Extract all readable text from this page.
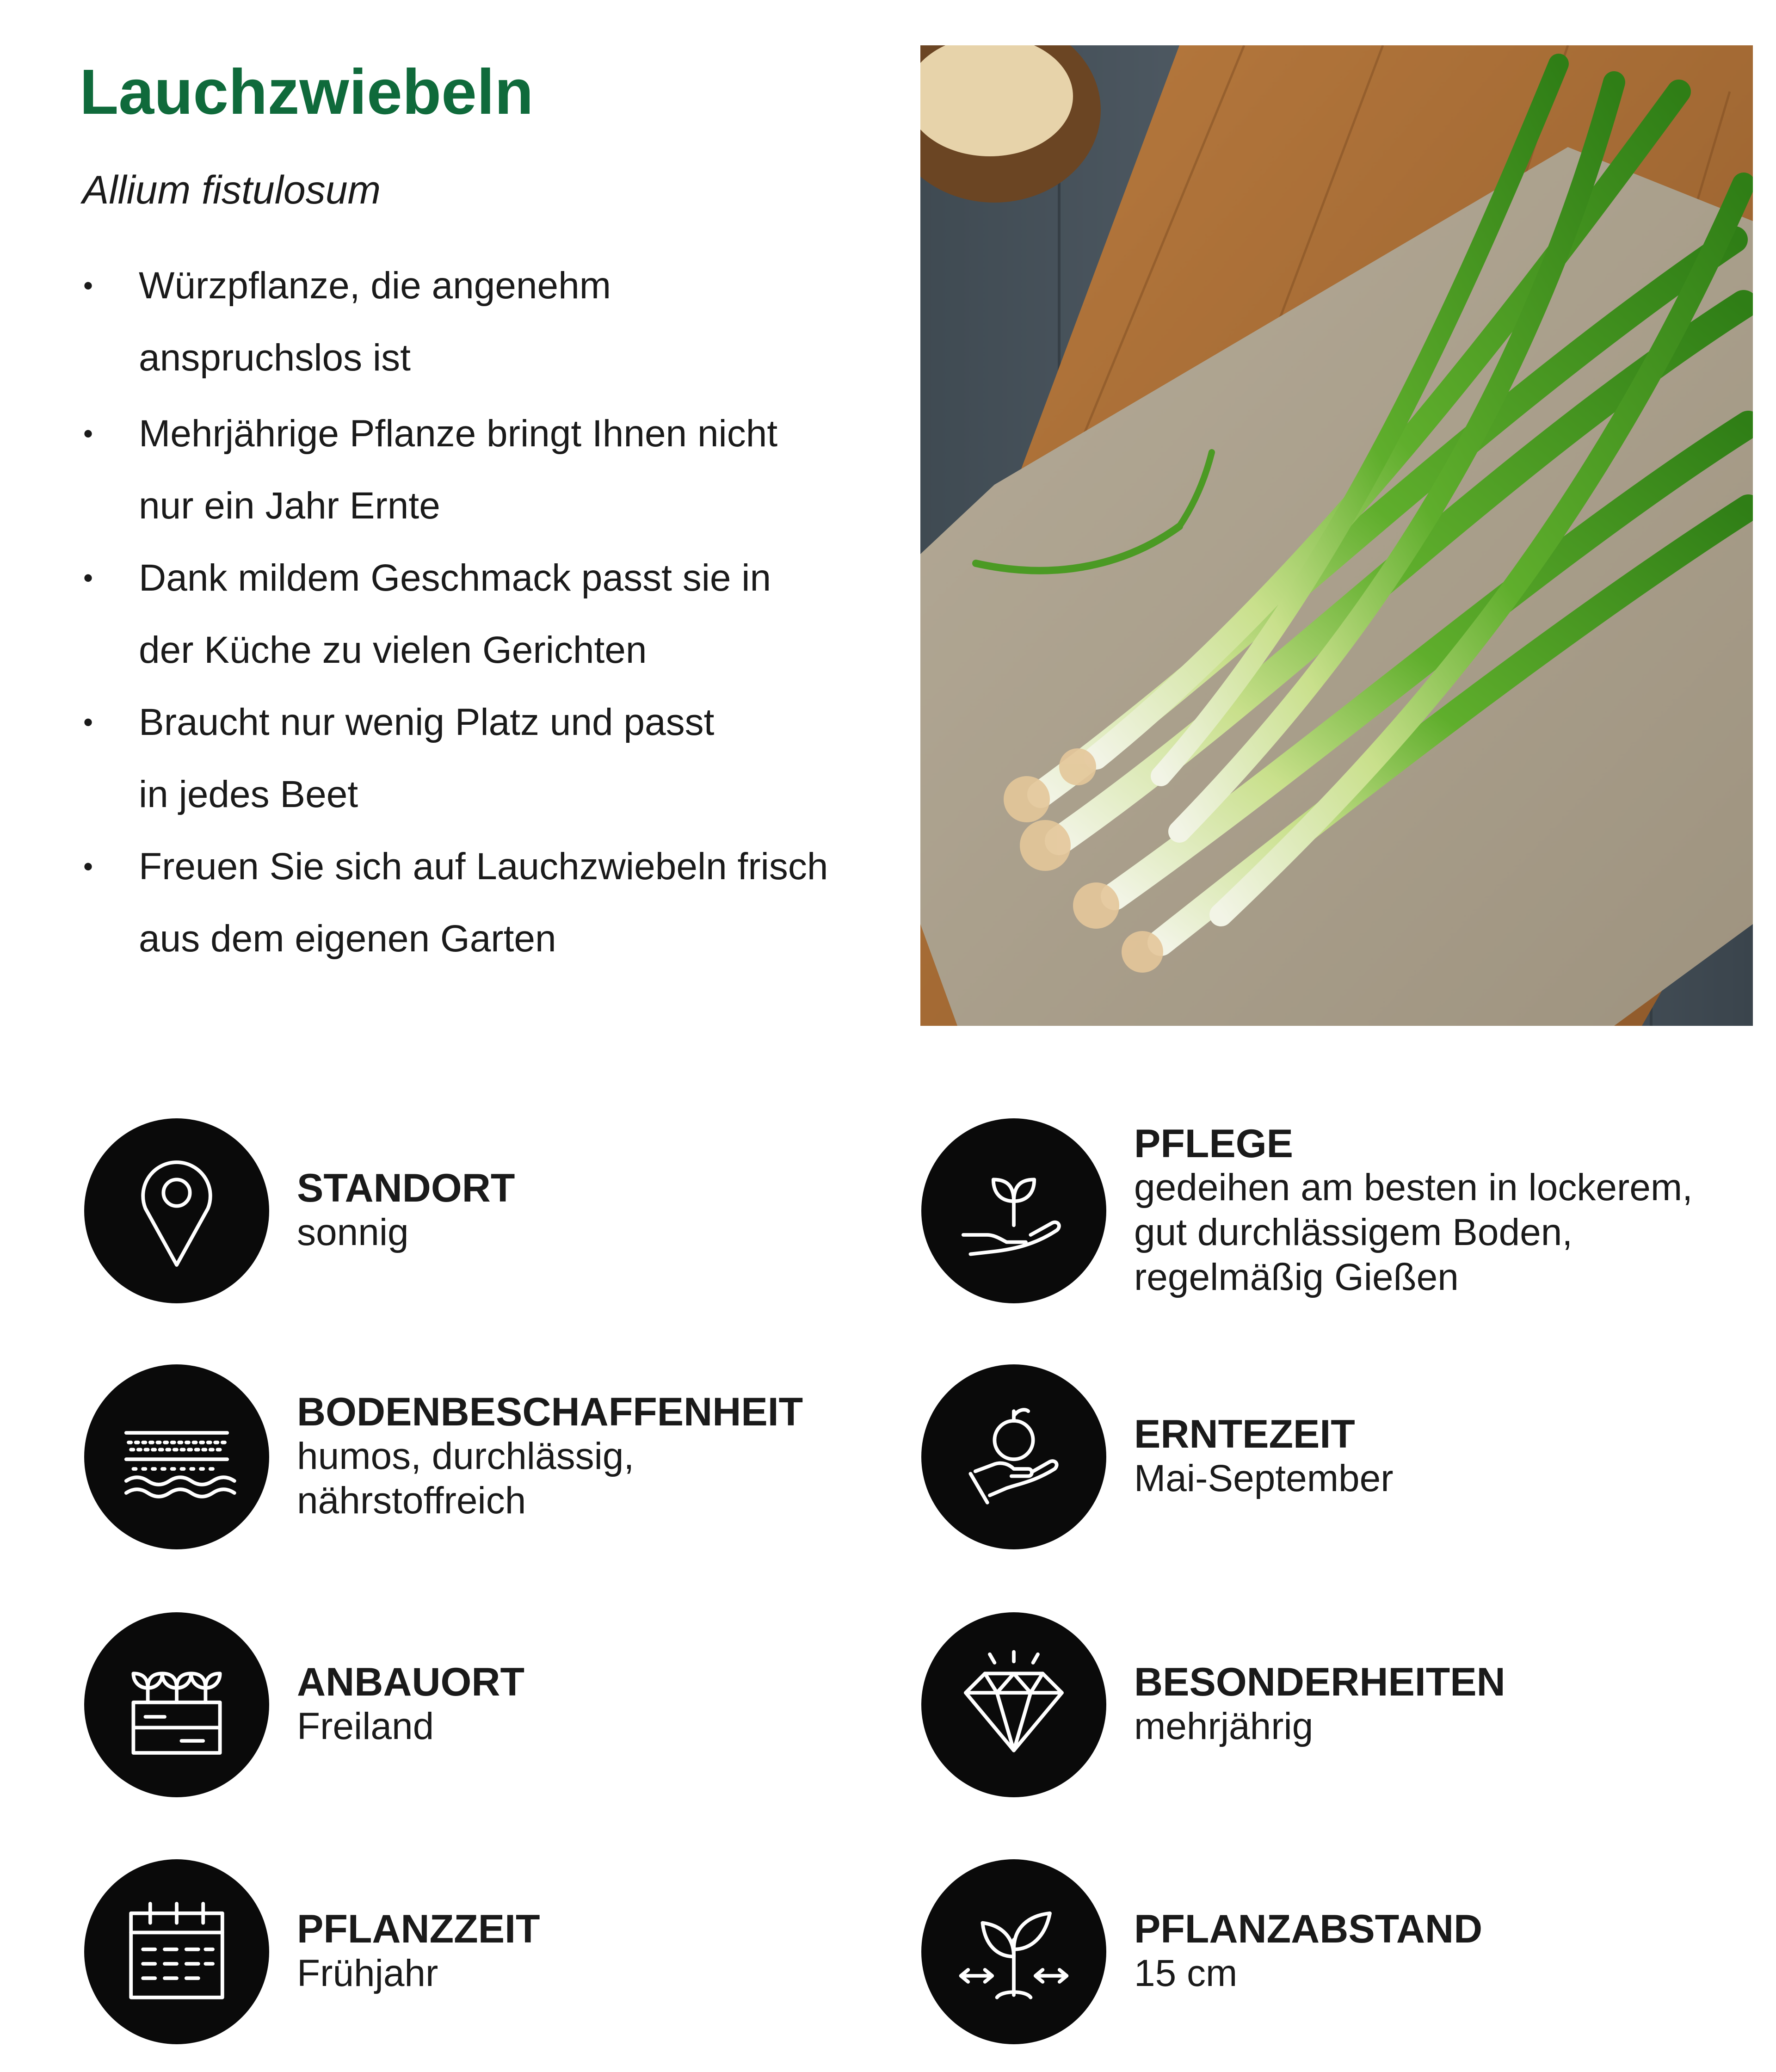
Lauchzwiebeln

Allium fistulosum

• Würzpflanze, die angenehm
anspruchslos ist
• Mehrjährige Pflanze bringt Ihnen nicht
nur ein Jahr Ernte
• Dank mildem Geschmack passt sie in
der Küche zu vielen Gerichten
• Braucht nur wenig Platz und passt
in jedes Beet
• Freuen Sie sich auf Lauchzwiebeln frisch
aus dem eigenen Garten
STANDORT
sonnig
PFLEGE
gedeihen am besten in lockerem,
gut durchlässigem Boden,
regelmäßig Gießen
BODENBESCHAFFENHEIT
humos, durchlässig,
nährstoffreich
ERNTEZEIT
Mai-September
ANBAUORT
Freiland
BESONDERHEITEN
mehrjährig
PFLANZZEIT
Frühjahr
PFLANZABSTAND
15 cm
